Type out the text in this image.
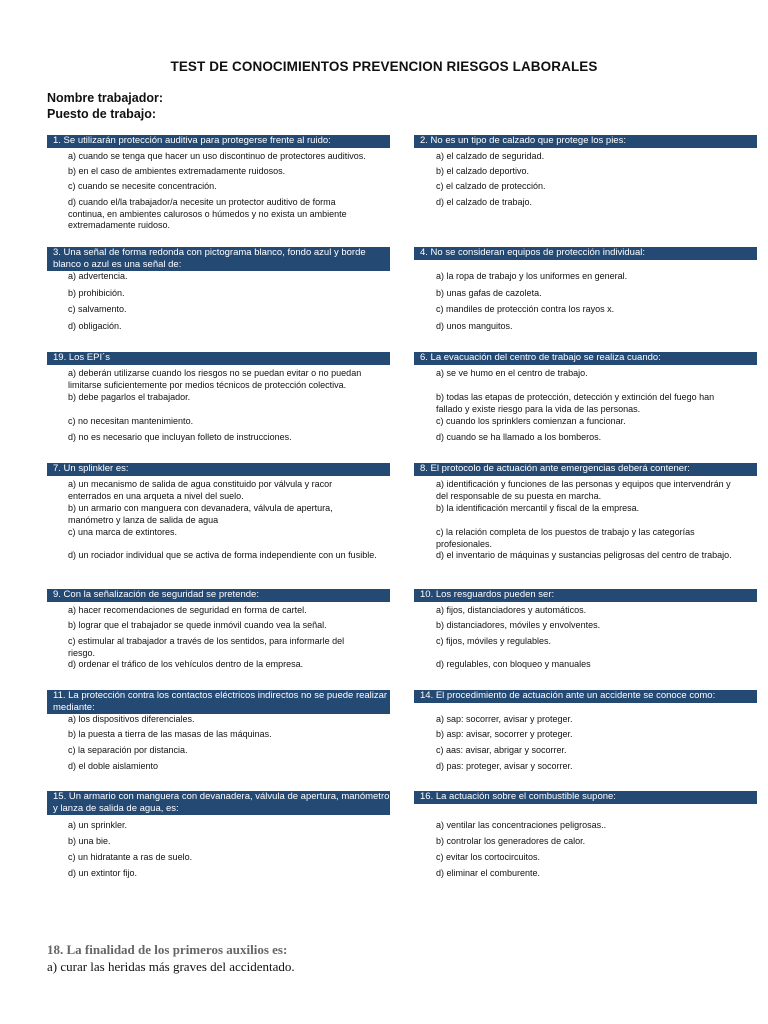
TEST DE CONOCIMIENTOS PREVENCION RIESGOS LABORALES
Nombre trabajador:
Puesto de trabajo:
1. Se utilizarán protección auditiva para protegerse frente al ruido:
a) cuando se tenga que hacer un uso discontinuo de protectores auditivos.
b) en el caso de ambientes extremadamente ruidosos.
c) cuando se necesite concentración.
d) cuando el/la trabajador/a necesite un protector auditivo de forma continua, en ambientes calurosos o húmedos y no exista un ambiente extremadamente ruidoso.
2. No es un tipo de calzado que protege los pies:
a) el calzado de seguridad.
b) el calzado deportivo.
c) el calzado de protección.
d) el calzado de trabajo.
3. Una señal de forma redonda con pictograma blanco, fondo azul y borde blanco o azul es una señal de:
a) advertencia.
b) prohibición.
c) salvamento.
d) obligación.
4. No se consideran equipos de protección individual:
a) la ropa de trabajo y los uniformes en general.
b) unas gafas de cazoleta.
c) mandiles de protección contra los rayos x.
d) unos manguitos.
19. Los EPI´s
a) deberán utilizarse cuando los riesgos no se puedan evitar o no puedan limitarse suficientemente por medios técnicos de protección colectiva.
b) debe pagarlos el trabajador.
c) no necesitan mantenimiento.
d) no es necesario que incluyan folleto de instrucciones.
6. La evacuación del centro de trabajo se realiza cuando:
a) se ve humo en el centro de trabajo.
b) todas las etapas de protección, detección y extinción del fuego han fallado y existe riesgo para la vida de las personas.
c) cuando los sprinklers comienzan a funcionar.
d) cuando se ha llamado a los bomberos.
7. Un splinkler es:
a) un mecanismo de salida de agua constituido por válvula y racor enterrados en una arqueta a nivel del suelo.
b) un armario con manguera con devanadera, válvula de apertura, manómetro y lanza de salida de agua
c) una marca de extintores.
d) un rociador individual que se activa de forma independiente con un fusible.
8. El protocolo de actuación ante emergencias deberá contener:
a) identificación y funciones de las personas y equipos que intervendrán y del responsable de su puesta en marcha.
b) la identificación mercantil y fiscal de la empresa.
c) la relación completa de los puestos de trabajo y las categorías profesionales.
d) el inventario de máquinas y sustancias peligrosas del centro de trabajo.
9. Con la señalización de seguridad se pretende:
a) hacer recomendaciones de seguridad en forma de cartel.
b) lograr que el trabajador se quede inmóvil cuando vea la señal.
c) estimular al trabajador a través de los sentidos, para informarle del riesgo.
d) ordenar el tráfico de los vehículos dentro de la empresa.
10. Los resguardos pueden ser:
a) fijos, distanciadores y automáticos.
b) distanciadores, móviles y envolventes.
c) fijos, móviles y regulables.
d) regulables, con bloqueo y manuales
11. La protección contra los contactos eléctricos indirectos no se puede realizar mediante:
a) los dispositivos diferenciales.
b) la puesta a tierra de las masas de las máquinas.
c) la separación por distancia.
d) el doble aislamiento
14. El procedimiento de actuación ante un accidente se conoce como:
a) sap: socorrer, avisar y proteger.
b) asp: avisar, socorrer y proteger.
c) aas: avisar, abrigar y socorrer.
d) pas: proteger, avisar y socorrer.
15. Un armario con manguera con devanadera, válvula de apertura, manómetro y lanza de salida de agua, es:
a) un sprinkler.
b) una bie.
c) un hidratante a ras de suelo.
d) un extintor fijo.
16. La actuación sobre el combustible supone:
a) ventilar las concentraciones peligrosas..
b) controlar los generadores de calor.
c) evitar los cortocircuitos.
d) eliminar el comburente.
18. La finalidad de los primeros auxilios es:
a) curar las heridas más graves del accidentado.
